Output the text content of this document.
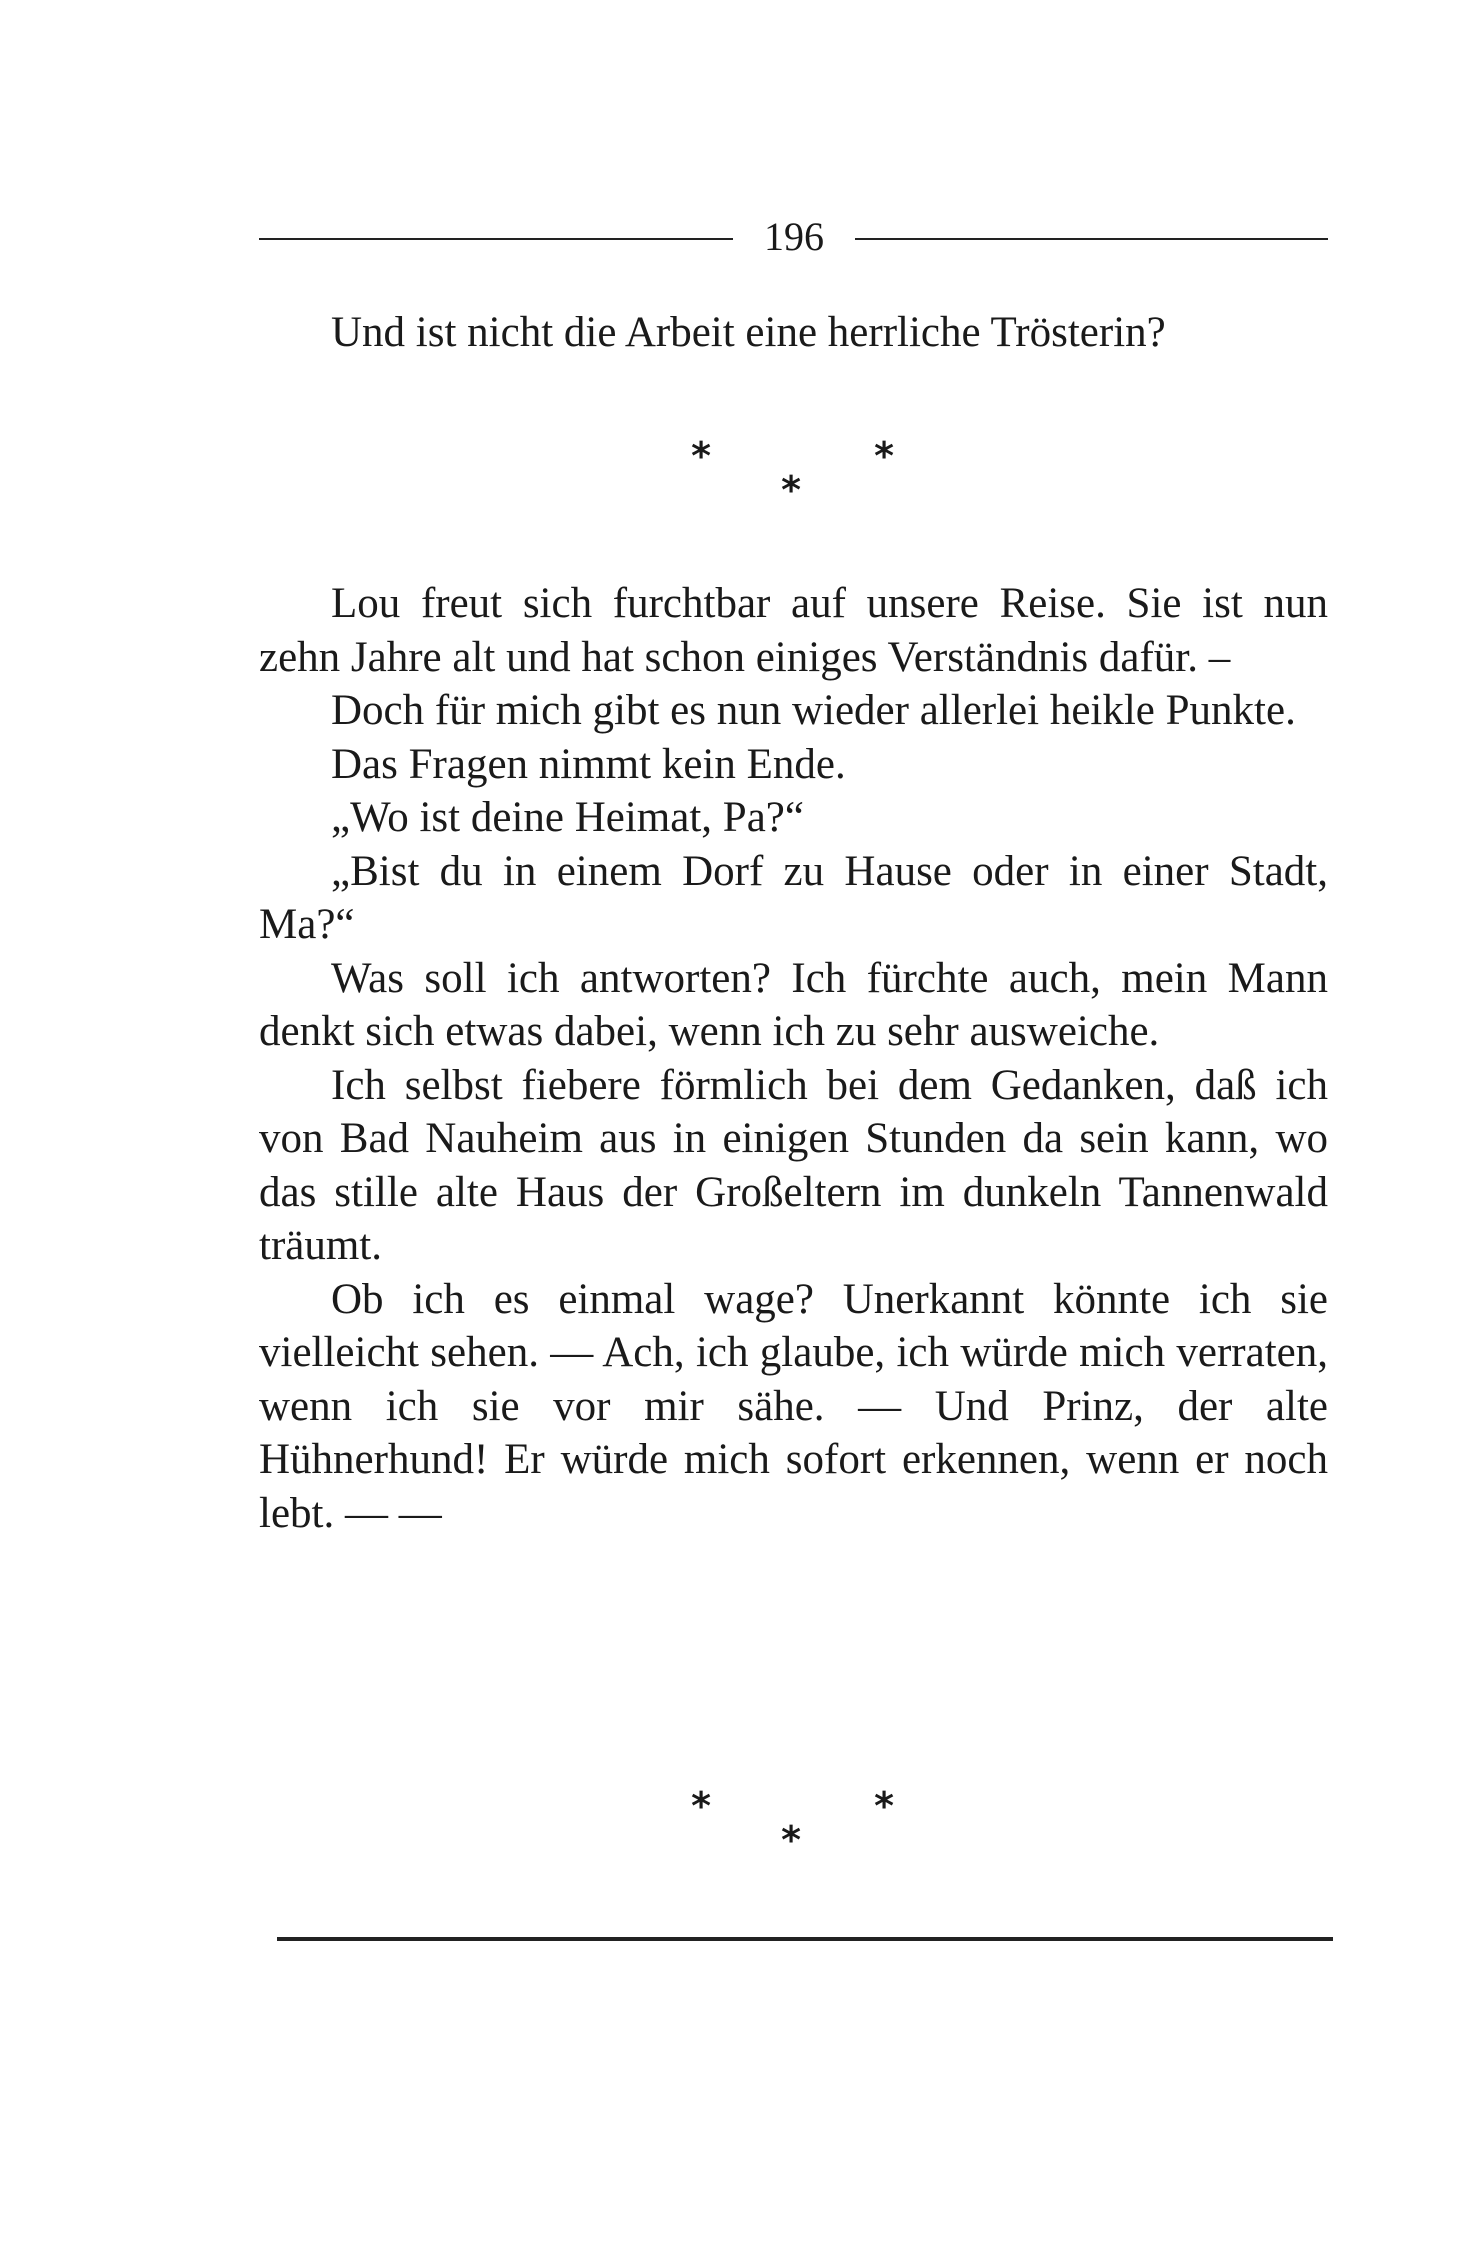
196

Und ist nicht die Arbeit eine herrliche Trösterin?

*	*
*

Lou freut sich furchtbar auf unsere Reise. Sie ist nun zehn Jahre alt und hat schon einiges Verständnis dafür. –

Doch für mich gibt es nun wieder allerlei heikle Punkte.

Das Fragen nimmt kein Ende.

„Wo ist deine Heimat, Pa?“

„Bist du in einem Dorf zu Hause oder in einer Stadt, Ma?“

Was soll ich antworten? Ich fürchte auch, mein Mann denkt sich etwas dabei, wenn ich zu sehr ausweiche.

Ich selbst fiebere förmlich bei dem Gedanken, daß ich von Bad Nauheim aus in einigen Stunden da sein kann, wo das stille alte Haus der Großeltern im dunkeln Tannenwald träumt.

Ob ich es einmal wage? Unerkannt könnte ich sie vielleicht sehen. — Ach, ich glaube, ich würde mich verraten, wenn ich sie vor mir sähe. — Und Prinz, der alte Hühnerhund! Er würde mich sofort erkennen, wenn er noch lebt. — —

*	*
*
